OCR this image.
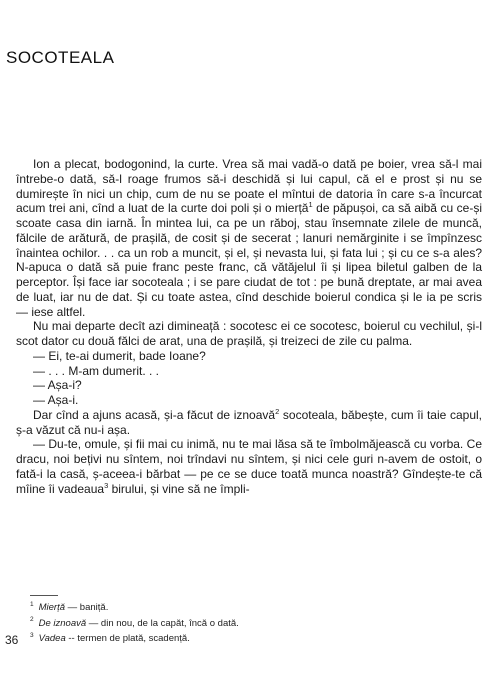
SOCOTEALA

Ion a plecat, bodogonind, la curte. Vrea să mai vadă-o dată pe boier, vrea să-l mai întrebe-o dată, să-l roage frumos să-i deschidă și lui capul, că el e prost și nu se dumirește în nici un chip, cum de nu se poate el mîntui de datoria în care s-a încurcat acum trei ani, cînd a luat de la curte doi poli și o mierță$^1$ de păpușoi, ca să aibă cu ce-și scoate casa din iarnă. În mintea lui, ca pe un răboj, stau însemnate zilele de muncă, fălcile de arătură, de prașilă, de cosit și de secerat ; lanuri nemărginite i se împînzesc înaintea ochilor. . . ca un rob a muncit, și el, și nevasta lui, și fata lui ; și cu ce s-a ales? N-apuca o dată să puie franc peste franc, că vătăjelul îi și lipea biletul galben de la perceptor. Își face iar socoteala ; i se pare ciudat de tot : pe bună dreptate, ar mai avea de luat, iar nu de dat. Și cu toate astea, cînd deschide boierul condica și le ia pe scris — iese altfel.

Nu mai departe decît azi dimineață : socotesc ei ce socotesc, boierul cu vechilul, și-l scot dator cu două fălci de arat, una de prașilă, și treizeci de zile cu palma.

— Ei, te-ai dumerit, bade Ioane?

— . . . M-am dumerit. . .

— Așa-i?

— Așa-i.

Dar cînd a ajuns acasă, și-a făcut de iznoavă$^2$ socoteala, băbește, cum îi taie capul, ș-a văzut că nu-i așa.

— Du-te, omule, și fii mai cu inimă, nu te mai lăsa să te îmbolmăjească cu vorba. Ce dracu, noi bețivi nu sîntem, noi trîndavi nu sîntem, și nici cele guri n-avem de ostoit, o fată-i la casă, ș-aceea-i bărbat — pe ce se duce toată munca noastră? Gîndește-te că mîine îi vadeaua$^3$ birului, și vine să ne împli-

$^1$ Mierță — baniță.
$^2$ De iznoavă — din nou, de la capăt, încă o dată.
$^3$ Vadea -- termen de plată, scadență.
36
